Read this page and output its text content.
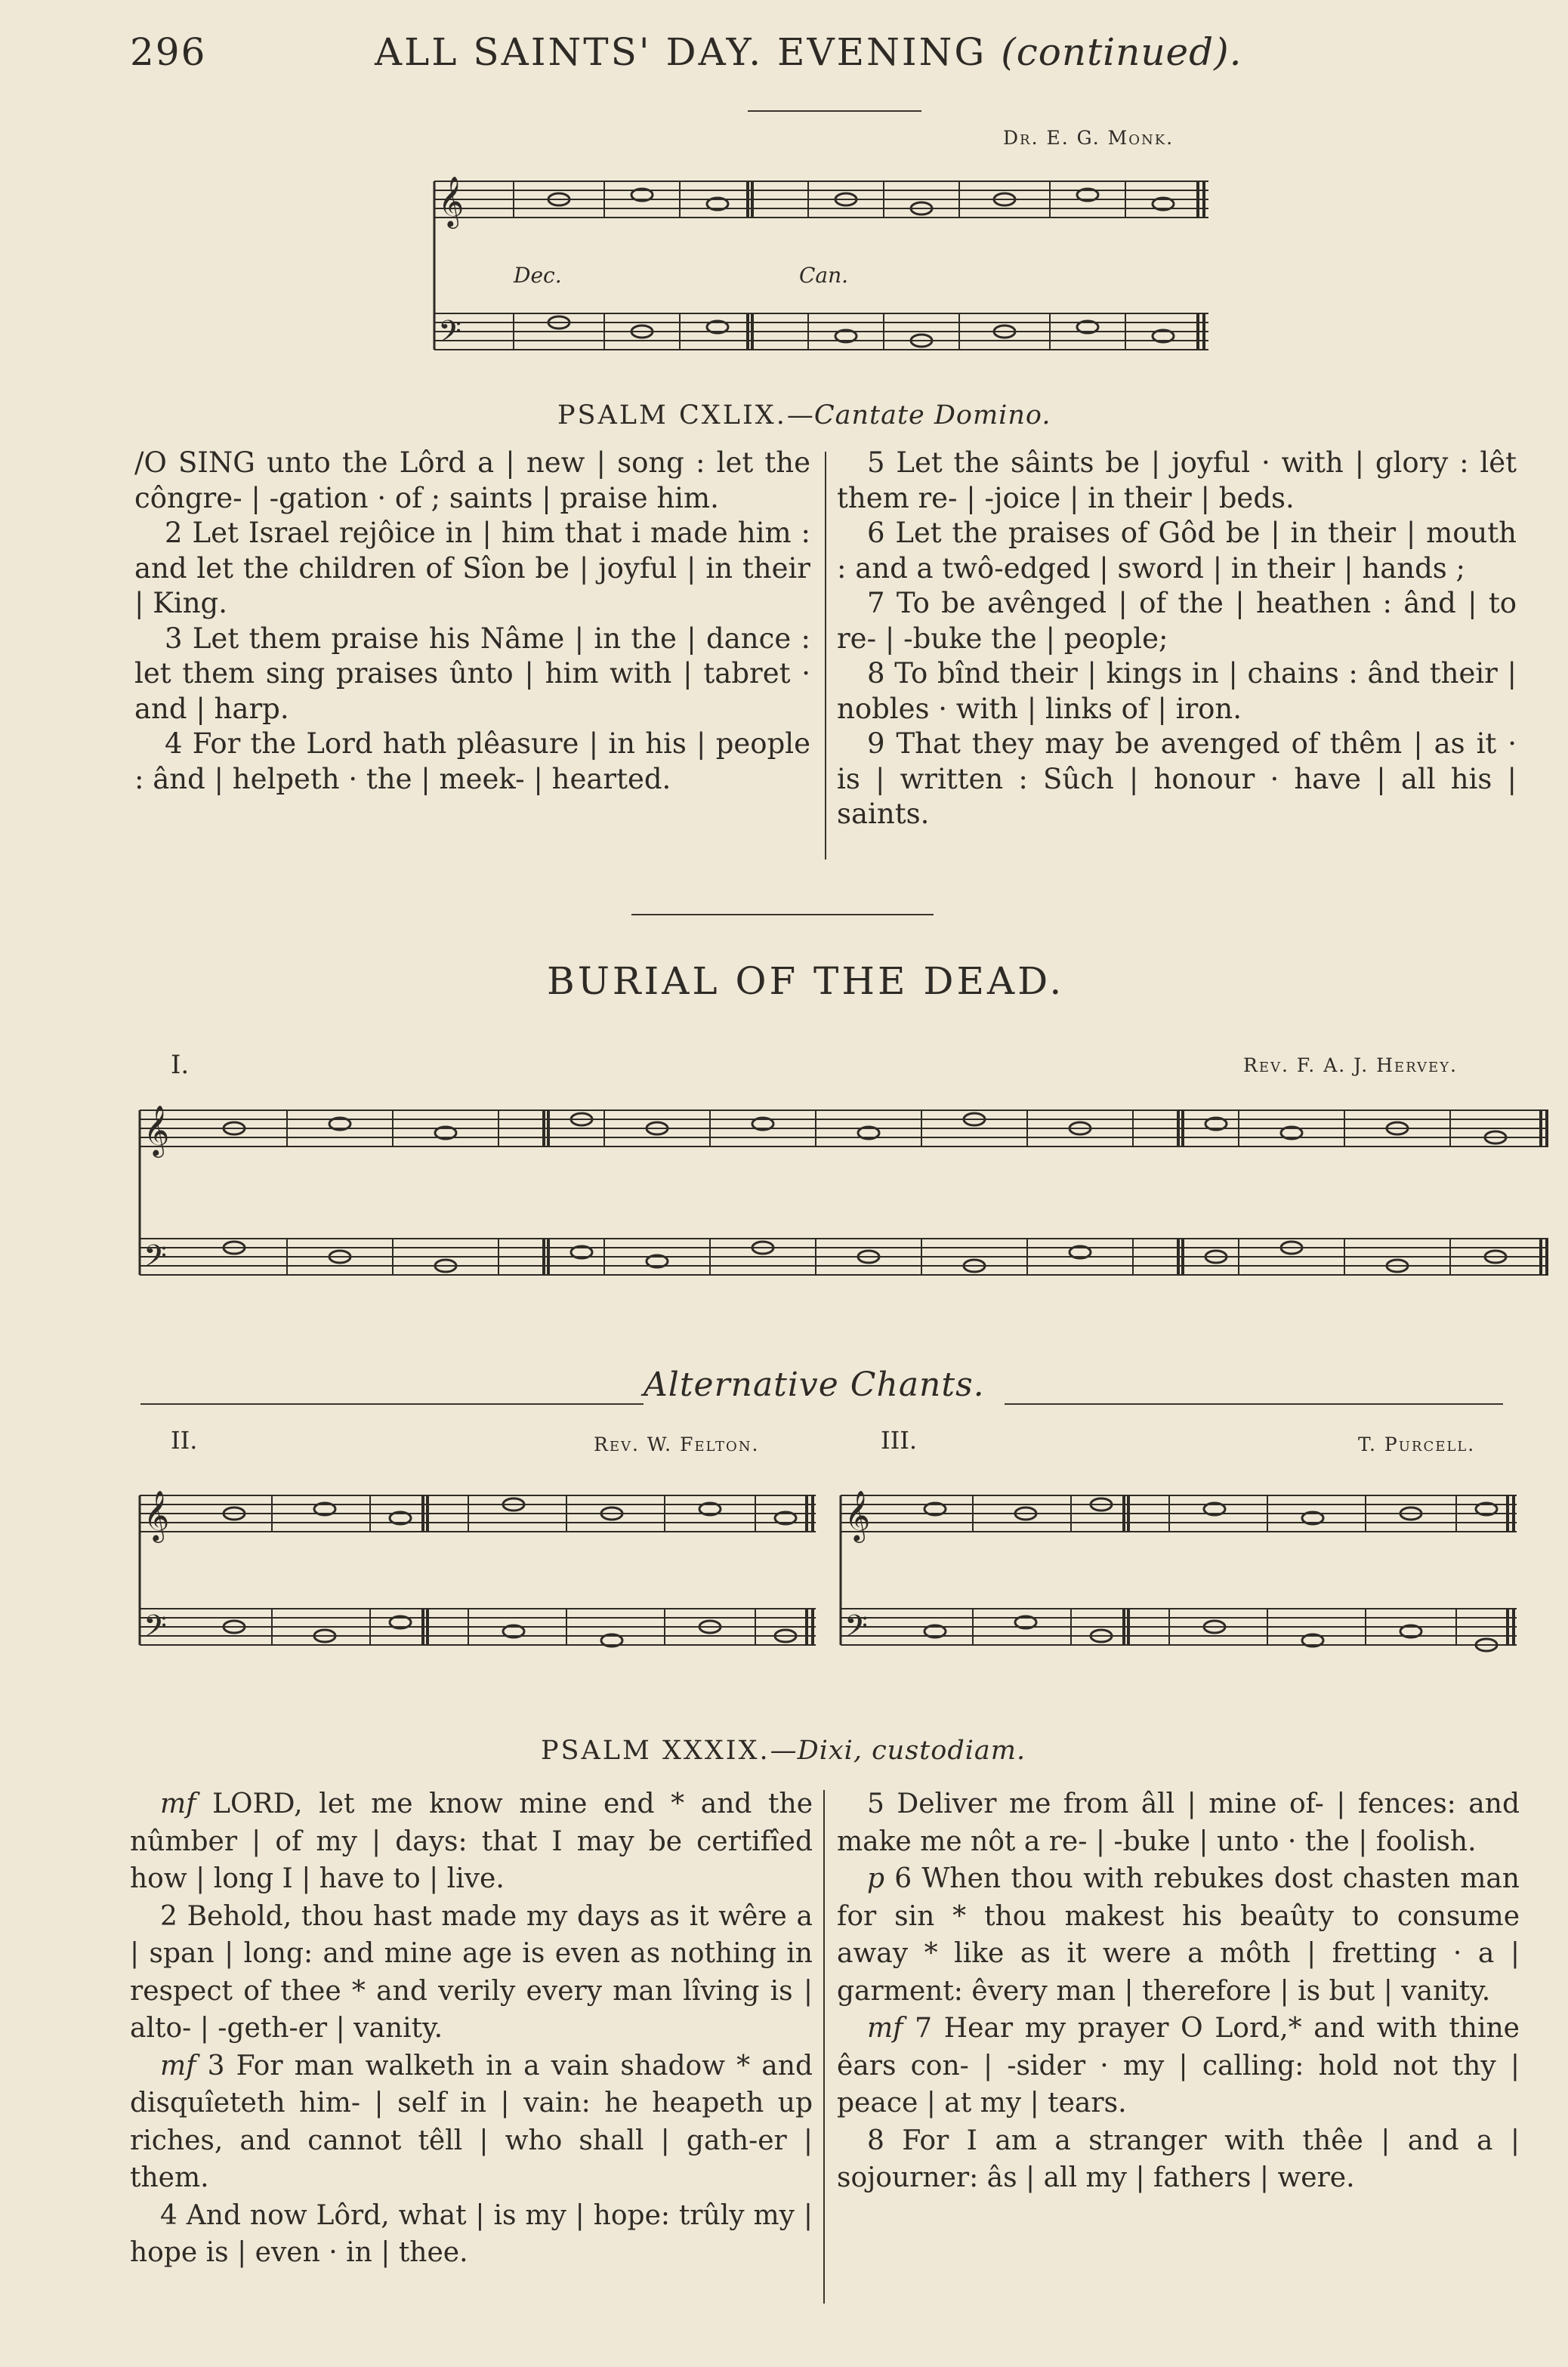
296	ALL SAINTS' DAY. EVENING (continued).
Dr. E. G. Monk.
𝄞
𝄢
Dec.	Can.
PSALM CXLIX.—Cantate Domino.

/O SING unto the Lôrd a | new | song : let the côngre- | -gation · of ; saints | praise him.

2 Let Israel rejôice in | him that i made him : and let the children of Sîon be | joyful | in their | King.

3 Let them praise his Nâme | in the | dance : let them sing praises ûnto | him with | tabret · and | harp.

4 For the Lord hath plêasure | in his | people : ând | helpeth · the | meek- | hearted.

5 Let the sâints be | joyful · with | glory : lêt them re- | -joice | in their | beds.

6 Let the praises of Gôd be | in their | mouth : and a twô-edged | sword | in their | hands ;

7 To be avênged | of the | heathen : ând | to re- | -buke the | people;

8 To bînd their | kings in | chains : ând their | nobles · with | links of | iron.

9 That they may be avenged of thêm | as it · is | written : Sûch | honour · have | all his | saints.

BURIAL OF THE DEAD.
I.	Rev. F. A. J. Hervey.
𝄞
𝄢
Alternative Chants.
II.	Rev. W. Felton.	III.	T. Purcell.
𝄞
𝄢
𝄞
𝄢
PSALM XXXIX.—Dixi, custodiam.

mf LORD, let me know mine end * and the nûmber | of my | days: that I may be certifîed how | long I | have to | live.

2 Behold, thou hast made my days as it wêre a | span | long: and mine age is even as nothing in respect of thee * and verily every man lîving is | alto- | -geth-er | vanity.

mf 3 For man walketh in a vain shadow * and disquîeteth him- | self in | vain: he heapeth up riches, and cannot têll | who shall | gath-er | them.

4 And now Lôrd, what | is my | hope: trûly my | hope is | even · in | thee.

5 Deliver me from âll | mine of- | fences: and make me nôt a re- | -buke | unto · the | foolish.

p 6 When thou with rebukes dost chasten man for sin * thou makest his beaûty to consume away * like as it were a môth | fretting · a | garment: êvery man | therefore | is but | vanity.

mf 7 Hear my prayer O Lord,* and with thine êars con- | -sider · my | calling: hold not thy | peace | at my | tears.

8 For I am a stranger with thêe | and a | sojourner: âs | all my | fathers | were.
